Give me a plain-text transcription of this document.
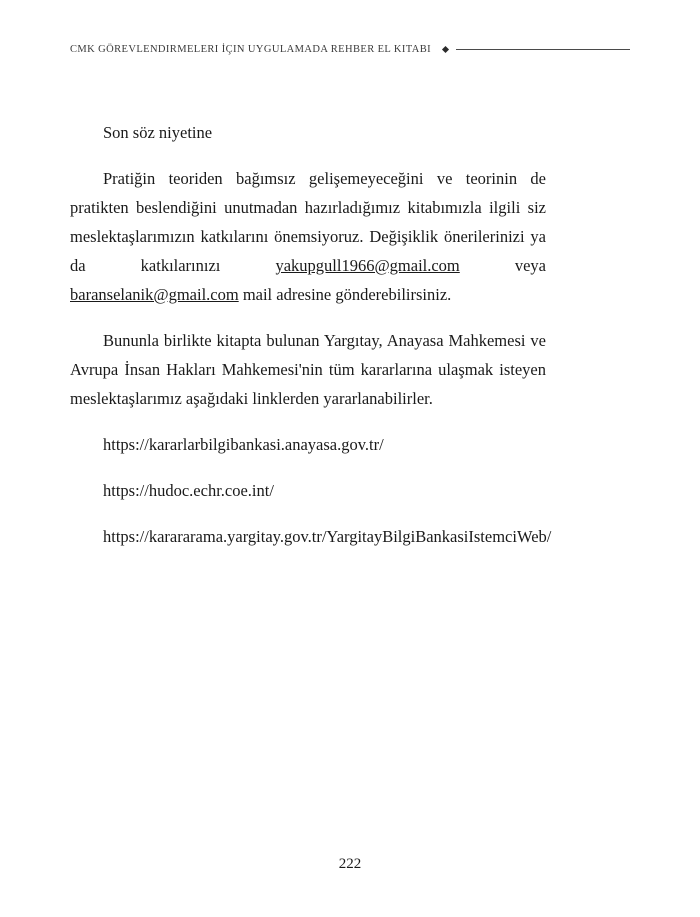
CMK GÖREVLENDIRMELERI İÇIN UYGULAMADA REHBER EL KITABI

Son söz niyetine

Pratiğin teoriden bağımsız gelişemeyeceğini ve teorinin de pratikten beslendiğini unutmadan hazırladığımız kitabımızla ilgili siz meslektaşlarımızın katkılarını önemsiyoruz. Değişiklik önerilerinizi ya da katkılarınızı yakupgull1966@gmail.com veya baranselanik@gmail.com mail adresine gönderebilirsiniz.

Bununla birlikte kitapta bulunan Yargıtay, Anayasa Mahkemesi ve Avrupa İnsan Hakları Mahkemesi'nin tüm kararlarına ulaşmak isteyen meslektaşlarımız aşağıdaki linklerden yararlanabilirler.

https://kararlarbilgibankasi.anayasa.gov.tr/

https://hudoc.echr.coe.int/

https://karararama.yargitay.gov.tr/YargitayBilgiBankasiIstemciWeb/

222
